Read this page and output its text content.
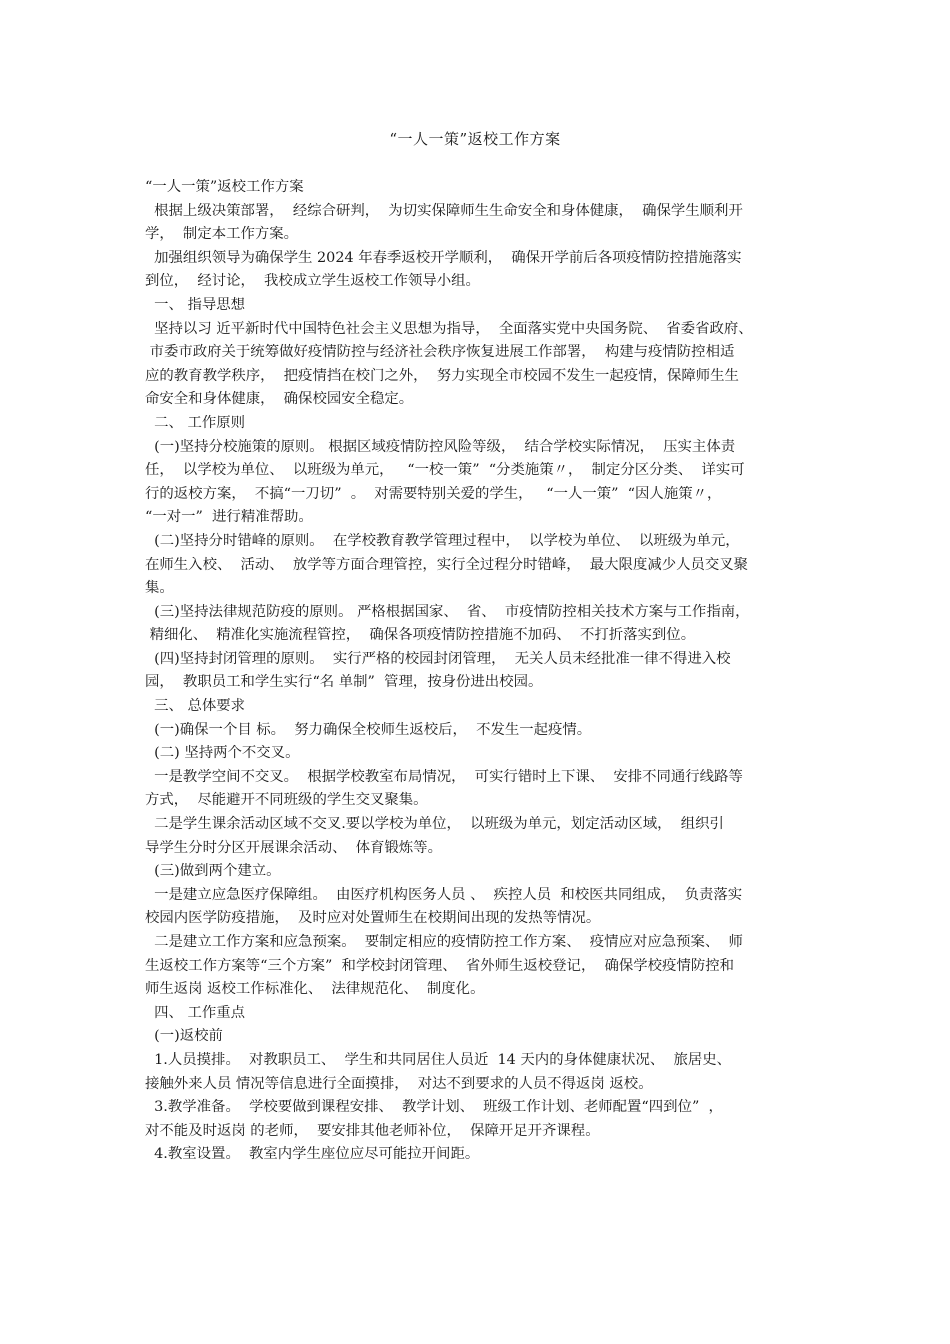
“一人一策”返校工作方案
“一人一策”返校工作方案
根据上级决策部署，  经综合研判，  为切实保障师生生命安全和身体健康，  确保学生顺利开
学，  制定本工作方案。
加强组织领导为确保学生 2024 年春季返校开学顺利，  确保开学前后各项疫情防控措施落实
到位，  经讨论，  我校成立学生返校工作领导小组。
一、 指导思想
坚持以习 近平新时代中国特色社会主义思想为指导，  全面落实党中央国务院、  省委省政府、
市委市政府关于统筹做好疫情防控与经济社会秩序恢复进展工作部署，  构建与疫情防控相适
应的教育教学秩序，  把疫情挡在校门之外，  努力实现全市校园不发生一起疫情，保障师生生
命安全和身体健康，  确保校园安全稳定。
二、 工作原则
(一)坚持分校施策的原则。 根据区域疫情防控风险等级，  结合学校实际情况，  压实主体责
任，  以学校为单位、  以班级为单元，   “一校一策”  “分类施策〃，  制定分区分类、  详实可
行的返校方案，  不搞“一刀切”  。  对需要特别关爱的学生，   “一人一策”  “因人施策〃，
“一对一”  进行精准帮助。
(二)坚持分时错峰的原则。  在学校教育教学管理过程中，  以学校为单位、  以班级为单元，
在师生入校、  活动、  放学等方面合理管控，实行全过程分时错峰，  最大限度减少人员交叉聚
集。
(三)坚持法律规范防疫的原则。 严格根据国家、  省、  市疫情防控相关技术方案与工作指南，
精细化、  精准化实施流程管控，  确保各项疫情防控措施不加码、  不打折落实到位。
(四)坚持封闭管理的原则。  实行严格的校园封闭管理，  无关人员未经批准一律不得进入校
园，  教职员工和学生实行“名 单制”  管理，按身份进出校园。
三、 总体要求
(一)确保一个目 标。  努力确保全校师生返校后，  不发生一起疫情。
(二) 坚持两个不交叉。
一是教学空间不交叉。  根据学校教室布局情况，  可实行错时上下课、  安排不同通行线路等
方式，  尽能避开不同班级的学生交叉聚集。
二是学生课余活动区域不交叉.要以学校为单位，  以班级为单元，划定活动区域，  组织引
导学生分时分区开展课余活动、  体育锻炼等。
(三)做到两个建立。
一是建立应急医疗保障组。  由医疗机构医务人员 、  疾控人员  和校医共同组成，  负责落实
校园内医学防疫措施，  及时应对处置师生在校期间出现的发热等情况。
二是建立工作方案和应急预案。  要制定相应的疫情防控工作方案、  疫情应对应急预案、  师
生返校工作方案等“三个方案”  和学校封闭管理、  省外师生返校登记，  确保学校疫情防控和
师生返岗 返校工作标准化、  法律规范化、  制度化。
四、 工作重点
(一)返校前
1.人员摸排。  对教职员工、  学生和共同居住人员近  14 天内的身体健康状况、  旅居史、
接触外来人员 情况等信息进行全面摸排，  对达不到要求的人员不得返岗 返校。
3.教学准备。  学校要做到课程安排、  教学计划、  班级工作计划、老师配置“四到位”  ，
对不能及时返岗 的老师，  要安排其他老师补位，  保障开足开齐课程。
4.教室设置。  教室内学生座位应尽可能拉开间距。
